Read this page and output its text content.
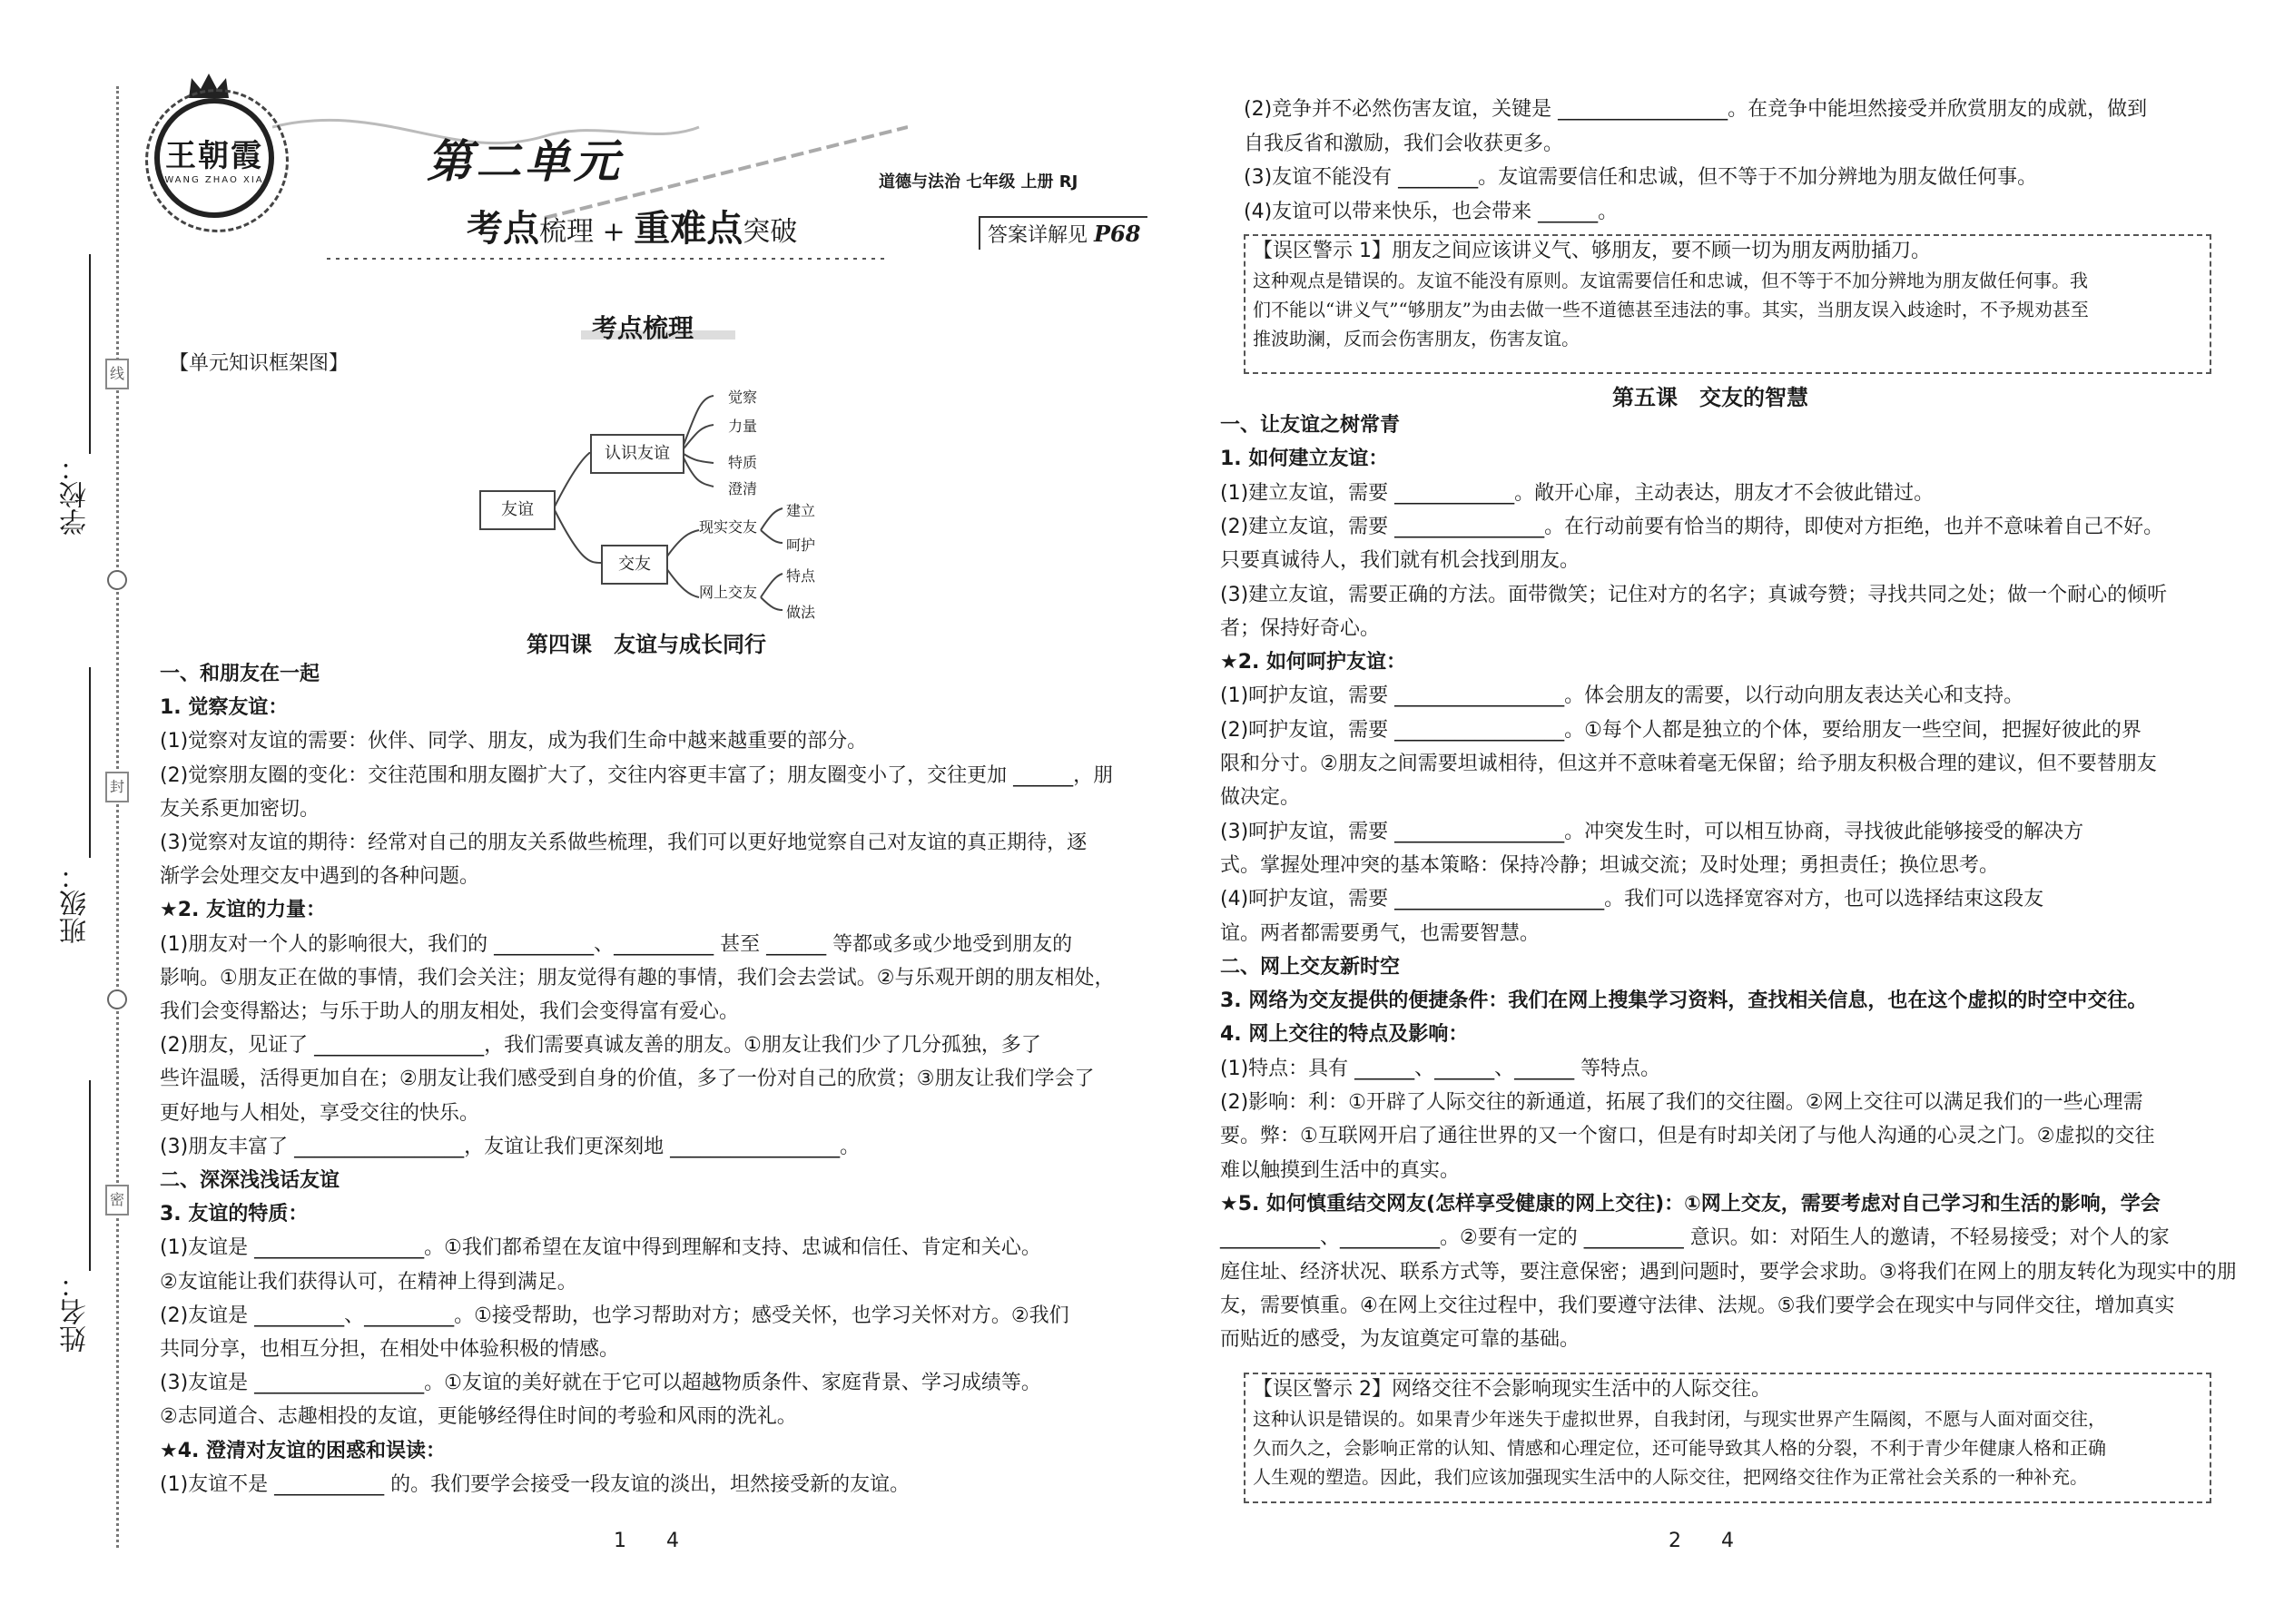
学校：
班级：
姓名：
线
封
密
王朝霞
WANG ZHAO XIA	第二单元
考点梳理 + 重难点突破
道德与法治 七年级 上册 RJ
答案详解见 P68
考点梳理
【单元知识框架图】
友谊
认识友谊
交友
觉察
力量
特质
澄清
现实交友
网上交友
建立
呵护
特点
做法
第四课　友谊与成长同行
一、和朋友在一起
1. 觉察友谊：
(1)觉察对友谊的需要：伙伴、同学、朋友，成为我们生命中越来越重要的部分。
(2)觉察朋友圈的变化：交往范围和朋友圈扩大了，交往内容更丰富了；朋友圈变小了，交往更加 ______，朋
友关系更加密切。
(3)觉察对友谊的期待：经常对自己的朋友关系做些梳理，我们可以更好地觉察自己对友谊的真正期待，逐
渐学会处理交友中遇到的各种问题。
★2. 友谊的力量：
(1)朋友对一个人的影响很大，我们的 __________、__________ 甚至 ______ 等都或多或少地受到朋友的
影响。①朋友正在做的事情，我们会关注；朋友觉得有趣的事情，我们会去尝试。②与乐观开朗的朋友相处，
我们会变得豁达；与乐于助人的朋友相处，我们会变得富有爱心。
(2)朋友，见证了 _________________，我们需要真诚友善的朋友。①朋友让我们少了几分孤独，多了
些许温暖，活得更加自在；②朋友让我们感受到自身的价值，多了一份对自己的欣赏；③朋友让我们学会了
更好地与人相处，享受交往的快乐。
(3)朋友丰富了 _________________，友谊让我们更深刻地 _________________。
二、深深浅浅话友谊
3. 友谊的特质：
(1)友谊是 _________________。①我们都希望在友谊中得到理解和支持、忠诚和信任、肯定和关心。
②友谊能让我们获得认可，在精神上得到满足。
(2)友谊是 _________、_________。①接受帮助，也学习帮助对方；感受关怀，也学习关怀对方。②我们
共同分享，也相互分担，在相处中体验积极的情感。
(3)友谊是 _________________。①友谊的美好就在于它可以超越物质条件、家庭背景、学习成绩等。
②志同道合、志趣相投的友谊，更能够经得住时间的考验和风雨的洗礼。
★4. 澄清对友谊的困惑和误读：
(1)友谊不是 ___________ 的。我们要学会接受一段友谊的淡出，坦然接受新的友谊。
1　　4
(2)竞争并不必然伤害友谊，关键是 _________________。在竞争中能坦然接受并欣赏朋友的成就，做到
自我反省和激励，我们会收获更多。
(3)友谊不能没有 ________。友谊需要信任和忠诚，但不等于不加分辨地为朋友做任何事。
(4)友谊可以带来快乐，也会带来 ______。
【误区警示 1】朋友之间应该讲义气、够朋友，要不顾一切为朋友两肋插刀。
这种观点是错误的。友谊不能没有原则。友谊需要信任和忠诚，但不等于不加分辨地为朋友做任何事。我
们不能以“讲义气”“够朋友”为由去做一些不道德甚至违法的事。其实，当朋友误入歧途时，不予规劝甚至
推波助澜，反而会伤害朋友，伤害友谊。
第五课　交友的智慧
一、让友谊之树常青
1. 如何建立友谊：
(1)建立友谊，需要 ____________。敞开心扉，主动表达，朋友才不会彼此错过。
(2)建立友谊，需要 _______________。在行动前要有恰当的期待，即使对方拒绝，也并不意味着自己不好。
只要真诚待人，我们就有机会找到朋友。
(3)建立友谊，需要正确的方法。面带微笑；记住对方的名字；真诚夸赞；寻找共同之处；做一个耐心的倾听
者；保持好奇心。
★2. 如何呵护友谊：
(1)呵护友谊，需要 _________________。体会朋友的需要，以行动向朋友表达关心和支持。
(2)呵护友谊，需要 _________________。①每个人都是独立的个体，要给朋友一些空间，把握好彼此的界
限和分寸。②朋友之间需要坦诚相待，但这并不意味着毫无保留；给予朋友积极合理的建议，但不要替朋友
做决定。
(3)呵护友谊，需要 _________________。冲突发生时，可以相互协商，寻找彼此能够接受的解决方
式。掌握处理冲突的基本策略：保持冷静；坦诚交流；及时处理；勇担责任；换位思考。
(4)呵护友谊，需要 _____________________。我们可以选择宽容对方，也可以选择结束这段友
谊。两者都需要勇气，也需要智慧。
二、网上交友新时空
3. 网络为交友提供的便捷条件：我们在网上搜集学习资料，查找相关信息，也在这个虚拟的时空中交往。
4. 网上交往的特点及影响：
(1)特点：具有 ______、______、______ 等特点。
(2)影响：利：①开辟了人际交往的新通道，拓展了我们的交往圈。②网上交往可以满足我们的一些心理需
要。弊：①互联网开启了通往世界的又一个窗口，但是有时却关闭了与他人沟通的心灵之门。②虚拟的交往
难以触摸到生活中的真实。
★5. 如何慎重结交网友(怎样享受健康的网上交往)：①网上交友，需要考虑对自己学习和生活的影响，学会
__________、__________。②要有一定的 __________ 意识。如：对陌生人的邀请，不轻易接受；对个人的家
庭住址、经济状况、联系方式等，要注意保密；遇到问题时，要学会求助。③将我们在网上的朋友转化为现实中的朋
友，需要慎重。④在网上交往过程中，我们要遵守法律、法规。⑤我们要学会在现实中与同伴交往，增加真实
而贴近的感受，为友谊奠定可靠的基础。
【误区警示 2】网络交往不会影响现实生活中的人际交往。
这种认识是错误的。如果青少年迷失于虚拟世界，自我封闭，与现实世界产生隔阂，不愿与人面对面交往，
久而久之，会影响正常的认知、情感和心理定位，还可能导致其人格的分裂，不利于青少年健康人格和正确
人生观的塑造。因此，我们应该加强现实生活中的人际交往，把网络交往作为正常社会关系的一种补充。
2　　4
